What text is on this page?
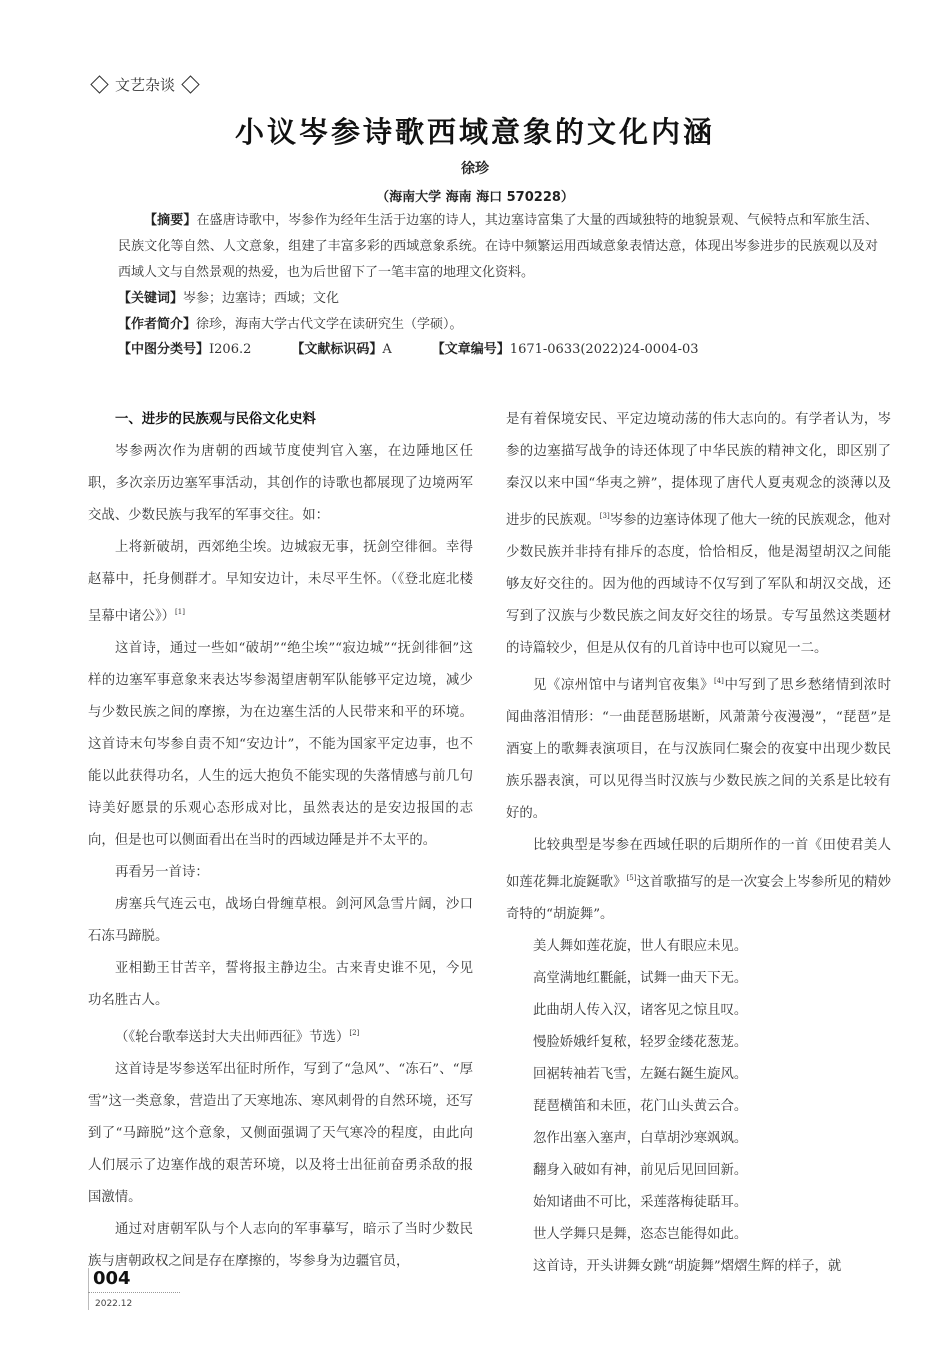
文艺杂谈
小议岑参诗歌西域意象的文化内涵
徐珍
（海南大学 海南 海口 570228）
【摘要】在盛唐诗歌中，岑参作为经年生活于边塞的诗人，其边塞诗富集了大量的西域独特的地貌景观、气候特点和军旅生活、民族文化等自然、人文意象，组建了丰富多彩的西域意象系统。在诗中频繁运用西域意象表情达意，体现出岑参进步的民族观以及对西域人文与自然景观的热爱，也为后世留下了一笔丰富的地理文化资料。
【关键词】岑参；边塞诗；西域；文化
【作者简介】徐珍，海南大学古代文学在读研究生（学硕）。
【中图分类号】I206.2	【文献标识码】A	【文章编号】1671-0633(2022)24-0004-03
一、进步的民族观与民俗文化史料

岑参两次作为唐朝的西域节度使判官入塞，在边陲地区任职，多次亲历边塞军事活动，其创作的诗歌也都展现了边境两军交战、少数民族与我军的军事交往。如：

上将新破胡，西郊绝尘埃。边城寂无事，抚剑空徘徊。幸得赵幕中，托身侧群才。早知安边计，未尽平生怀。（《登北庭北楼呈幕中诸公》）[1]

这首诗，通过一些如“破胡”“绝尘埃”“寂边城”“抚剑徘徊”这样的边塞军事意象来表达岑参渴望唐朝军队能够平定边境，减少与少数民族之间的摩擦，为在边塞生活的人民带来和平的环境。这首诗末句岑参自责不知“安边计”，不能为国家平定边事，也不能以此获得功名，人生的远大抱负不能实现的失落情感与前几句诗美好愿景的乐观心态形成对比，虽然表达的是安边报国的志向，但是也可以侧面看出在当时的西域边陲是并不太平的。

再看另一首诗：

虏塞兵气连云屯，战场白骨缠草根。剑河风急雪片阔，沙口石冻马蹄脱。

亚相勤王甘苦辛，誓将报主静边尘。古来青史谁不见，今见功名胜古人。

（《轮台歌奉送封大夫出师西征》节选）[2]

这首诗是岑参送军出征时所作，写到了“急风”、“冻石”、“厚雪”这一类意象，营造出了天寒地冻、寒风刺骨的自然环境，还写到了“马蹄脱”这个意象，又侧面强调了天气寒冷的程度，由此向人们展示了边塞作战的艰苦环境，以及将士出征前奋勇杀敌的报国激情。

通过对唐朝军队与个人志向的军事摹写，暗示了当时少数民族与唐朝政权之间是存在摩擦的，岑参身为边疆官员，

是有着保境安民、平定边境动荡的伟大志向的。有学者认为，岑参的边塞描写战争的诗还体现了中华民族的精神文化，即区别了秦汉以来中国“华夷之辨”，提体现了唐代人夏夷观念的淡薄以及进步的民族观。[3]岑参的边塞诗体现了他大一统的民族观念，他对少数民族并非持有排斥的态度，恰恰相反，他是渴望胡汉之间能够友好交往的。因为他的西域诗不仅写到了军队和胡汉交战，还写到了汉族与少数民族之间友好交往的场景。专写虽然这类题材的诗篇较少，但是从仅有的几首诗中也可以窥见一二。

见《凉州馆中与诸判官夜集》[4]中写到了思乡愁绪情到浓时闻曲落泪情形：“一曲琵琶肠堪断，风萧萧兮夜漫漫”，“琵琶”是酒宴上的歌舞表演项目，在与汉族同仁聚会的夜宴中出现少数民族乐器表演，可以见得当时汉族与少数民族之间的关系是比较有好的。

比较典型是岑参在西域任职的后期所作的一首《田使君美人如莲花舞北旋鋋歌》[5]这首歌描写的是一次宴会上岑参所见的精妙奇特的“胡旋舞”。

美人舞如莲花旋，世人有眼应未见。

高堂满地红氍毹，试舞一曲天下无。

此曲胡人传入汉，诸客见之惊且叹。

慢脸娇娥纤复秾，轻罗金缕花葱茏。

回裾转袖若飞雪，左鋋右鋋生旋风。

琵琶横笛和未匝，花门山头黄云合。

忽作出塞入塞声，白草胡沙寒飒飒。

翻身入破如有神，前见后见回回新。

始知诸曲不可比，采莲落梅徒聒耳。

世人学舞只是舞，恣态岂能得如此。

这首诗，开头讲舞女跳“胡旋舞”熠熠生辉的样子，就

004
2022.12
